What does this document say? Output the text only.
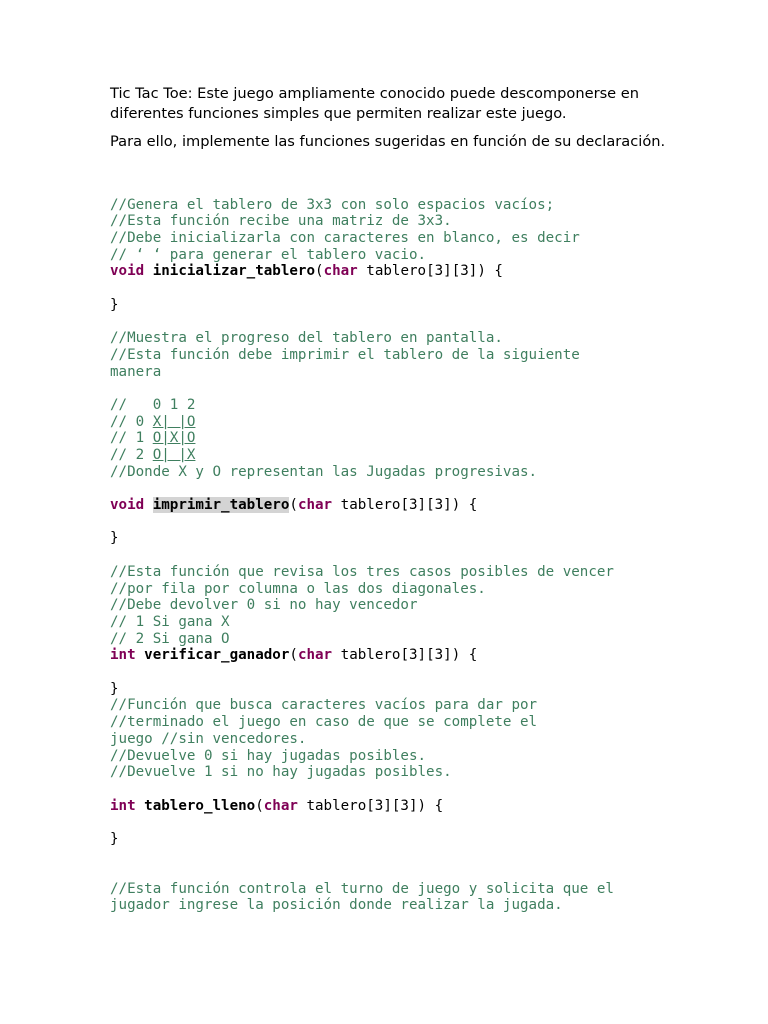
Tic Tac Toe: Este juego ampliamente conocido puede descomponerse en diferentes funciones simples que permiten realizar este juego.

Para ello, implemente las funciones sugeridas en función de su declaración.

//Genera el tablero de 3x3 con solo espacios vacíos;
//Esta función recibe una matriz de 3x3.
//Debe inicializarla con caracteres en blanco, es decir
// ‘ ‘ para generar el tablero vacio.
void inicializar_tablero(char tablero[3][3]) {
}
//Muestra el progreso del tablero en pantalla.
//Esta función debe imprimir el tablero de la siguiente
manera
//   0 1 2
// 0 X| |O
// 1 O|X|O
// 2 O| |X
//Donde X y O representan las Jugadas progresivas.
void imprimir_tablero(char tablero[3][3]) {
}
//Esta función que revisa los tres casos posibles de vencer
//por fila por columna o las dos diagonales.
//Debe devolver 0 si no hay vencedor
// 1 Si gana X
// 2 Si gana O
int verificar_ganador(char tablero[3][3]) {
}
//Función que busca caracteres vacíos para dar por
//terminado el juego en caso de que se complete el
juego //sin vencedores.
//Devuelve 0 si hay jugadas posibles.
//Devuelve 1 si no hay jugadas posibles.
int tablero_lleno(char tablero[3][3]) {
}
//Esta función controla el turno de juego y solicita que el
jugador ingrese la posición donde realizar la jugada.
